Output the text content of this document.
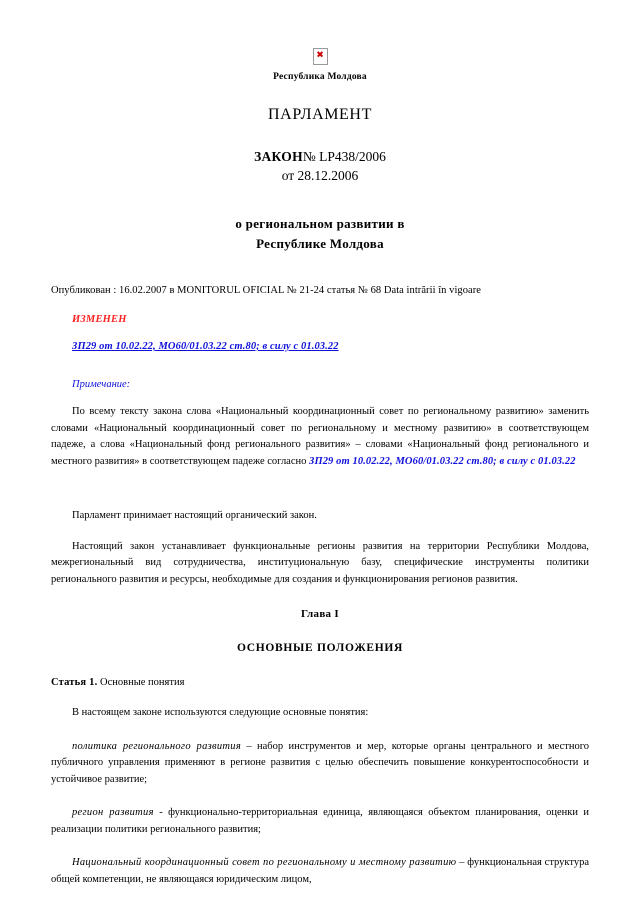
✖
Республика Молдова
ПАРЛАМЕНТ
ЗАКОН№ LP438/2006
от 28.12.2006
о региональном развитии в
Республике Молдова
Опубликован : 16.02.2007 в MONITORUL OFICIAL № 21-24 статья № 68 Data intrării în vigoare
ИЗМЕНЕН
ЗП29 от 10.02.22, МО60/01.03.22 ст.80; в силу с 01.03.22
Примечание:

По всему тексту закона слова «Национальный координационный совет по региональному развитию» заменить словами «Национальный координационный совет по региональному и местному развитию» в соответствующем падеже, а слова «Национальный фонд регионального развития» – словами «Национальный фонд регионального и местного развития» в соответствующем падеже согласно ЗП29 от 10.02.22, МО60/01.03.22 ст.80; в силу с 01.03.22

Парламент принимает настоящий органический закон.

Настоящий закон устанавливает функциональные регионы развития на территории Республики Молдова, межрегиональный вид сотрудничества, институциональную базу, специфические инструменты политики регионального развития и ресурсы, необходимые для создания и функционирования регионов развития.

Глава I
ОСНОВНЫЕ ПОЛОЖЕНИЯ
Статья 1. Основные понятия

В настоящем законе используются следующие основные понятия:

политика регионального развития – набор инструментов и мер, которые органы центрального и местного публичного управления применяют в регионе развития с целью обеспечить повышение конкурентоспособности и устойчивое развитие;

регион развития - функционально-территориальная единица, являющаяся объектом планирования, оценки и реализации политики регионального развития;

Национальный координационный совет по региональному и местному развитию – функциональная структура общей компетенции, не являющаяся юридическим лицом,
